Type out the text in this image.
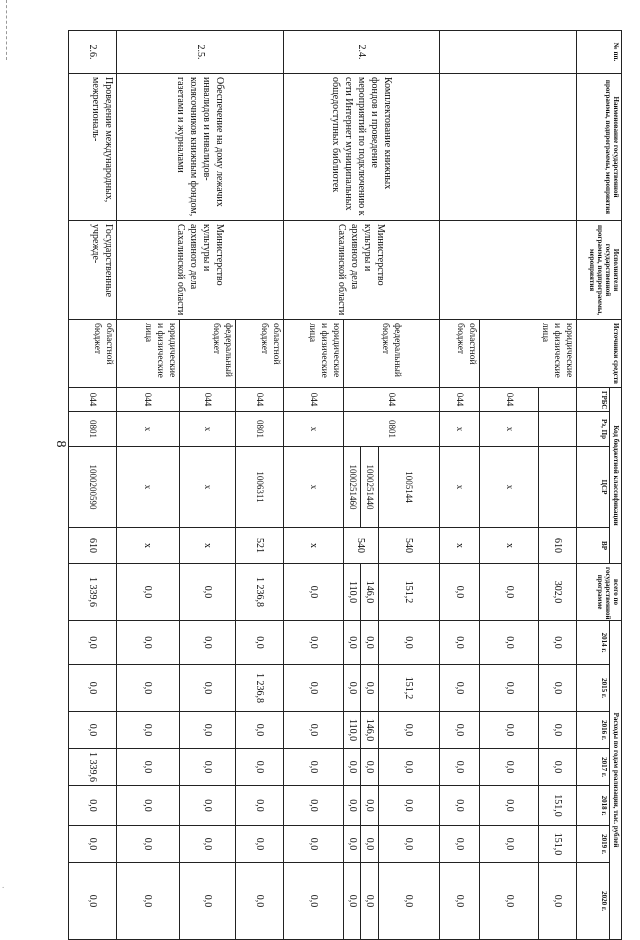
.
8
№ пп.	Наименование государственной программы, подпрограммы, мероприятия	Исполнители государственной программы, подпрограммы, мероприятия	Источники средств	Код бюджетной классификации				всего по государственной программе	Расходы по годам реализации, тыс. рублей						
				ГРБС	Рз, Пр	ЦСР	ВР		2014 г.	2015 г.	2016 г.	2017 г.	2018 г.	2019 г.	2020 г.
			юридические и физические лица				610	302,0	0,0	0,0	0,0	0,0	151,0	151,0	0,0
				044	х	х	х	0,0	0,0	0,0	0,0	0,0	0,0	0,0	0,0
			областной бюджет	044	х	х	х	0,0	0,0	0,0	0,0	0,0	0,0	0,0	0,0
2.4.	Комплектование книжных фондов и проведение мероприятий по подключению к сети Интернет муниципальных общедоступных библиотек	Министерство культуры и архивного дела Сахалинской области	федеральный бюджет	044	0801	1005144	540	151,2	0,0	151,2	0,0	0,0	0,0	0,0	0,0
						1000251440	540	146,0	0,0	0,0	146,0	0,0	0,0	0,0	0,0
						1000251460		110,0	0,0	0,0	110,0	0,0	0,0	0,0	0,0
			юридические и физические лица	044	х	х	х	0,0	0,0	0,0	0,0	0,0	0,0	0,0	0,0
2.5.	Обеспечение на дому лежачих инвалидов и инвалидов-колясочников книжным фондом, газетами и журналами	Министерство культуры и архивного дела Сахалинской области	областной бюджет	044	0801	1006311	521	1 236,8	0,0	1 236,8	0,0	0,0	0,0	0,0	0,0
			федеральный бюджет	044	х	х	х	0,0	0,0	0,0	0,0	0,0	0,0	0,0	0,0
			юридические и физические лица	044	х	х	х	0,0	0,0	0,0	0,0	0,0	0,0	0,0	0,0
2.6.	Проведение международных, межрегиональ-	Государственные учрежде-	областной бюджет	044	0801	1000200590	610	1 339,6	0,0	0,0	0,0	1 339,6	0,0	0,0	0,0
